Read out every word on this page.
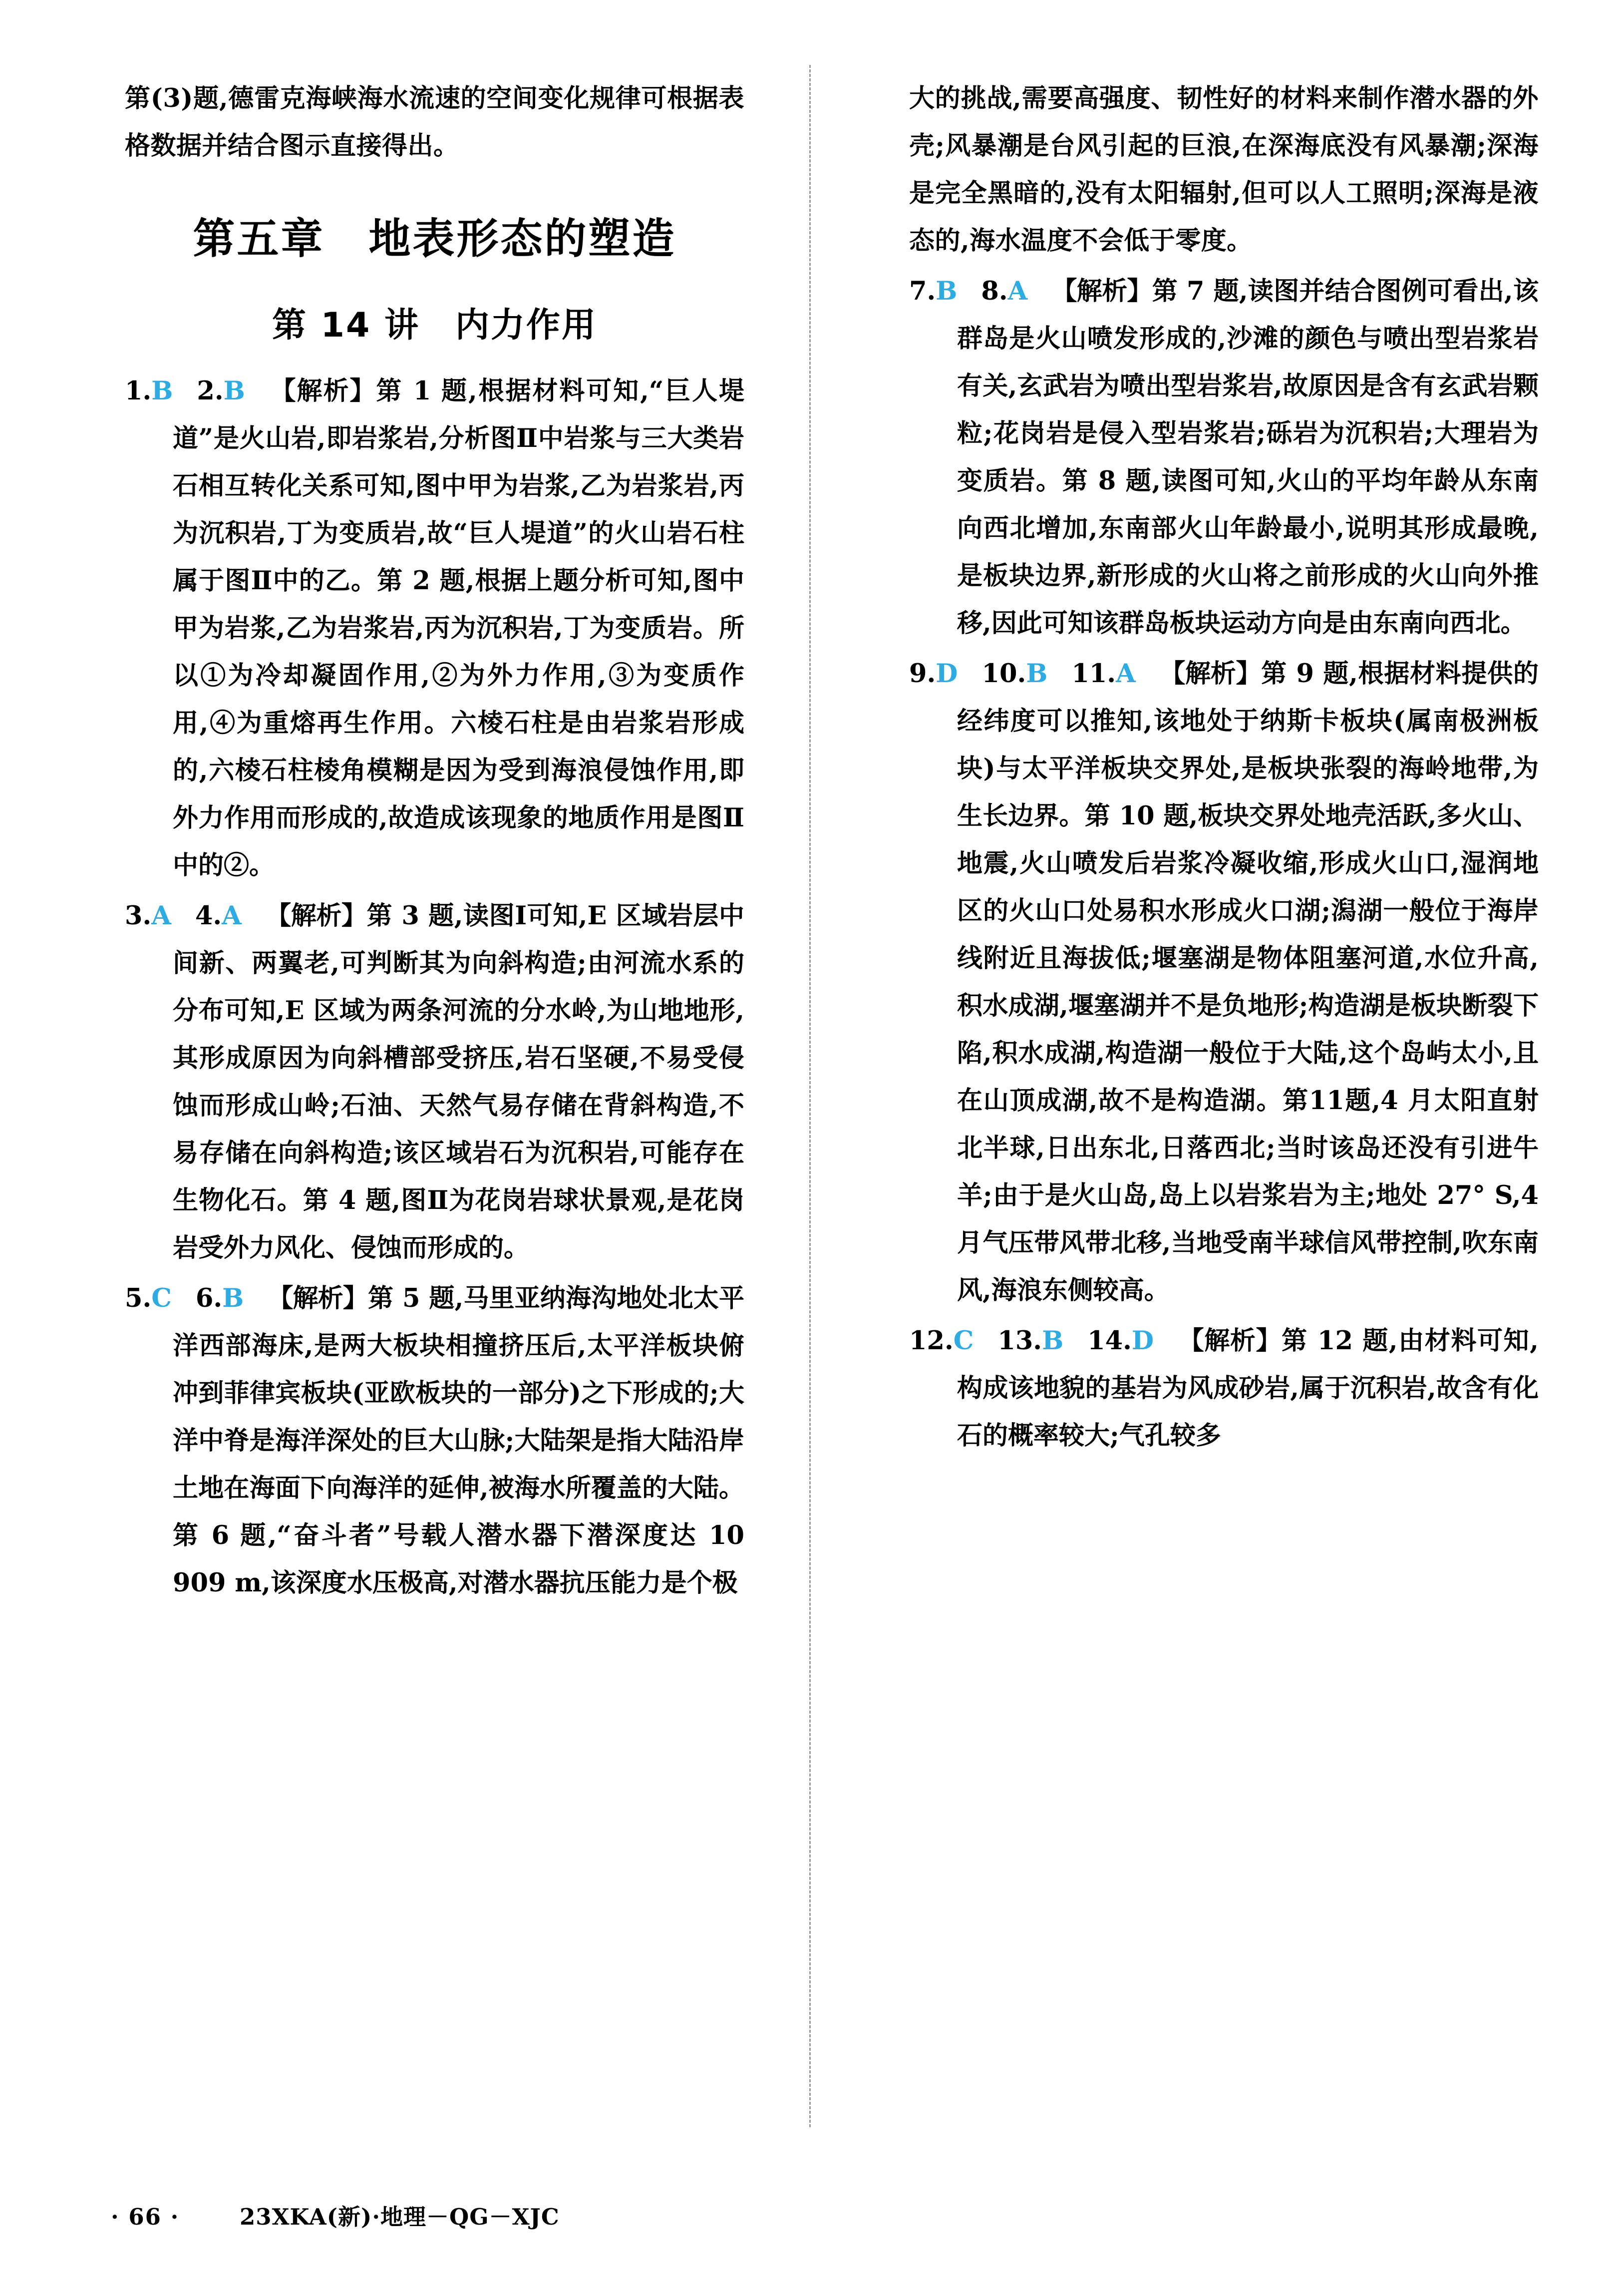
第(3)题,德雷克海峡海水流速的空间变化规律可根据表格数据并结合图示直接得出。

第五章　地表形态的塑造
第 14 讲　内力作用

1.B 2.B 【解析】第 1 题,根据材料可知,“巨人堤道”是火山岩,即岩浆岩,分析图Ⅱ中岩浆与三大类岩石相互转化关系可知,图中甲为岩浆,乙为岩浆岩,丙为沉积岩,丁为变质岩,故“巨人堤道”的火山岩石柱属于图Ⅱ中的乙。第 2 题,根据上题分析可知,图中甲为岩浆,乙为岩浆岩,丙为沉积岩,丁为变质岩。所以①为冷却凝固作用,②为外力作用,③为变质作用,④为重熔再生作用。六棱石柱是由岩浆岩形成的,六棱石柱棱角模糊是因为受到海浪侵蚀作用,即外力作用而形成的,故造成该现象的地质作用是图Ⅱ中的②。

3.A 4.A 【解析】第 3 题,读图Ⅰ可知,E 区域岩层中间新、两翼老,可判断其为向斜构造;由河流水系的分布可知,E 区域为两条河流的分水岭,为山地地形,其形成原因为向斜槽部受挤压,岩石坚硬,不易受侵蚀而形成山岭;石油、天然气易存储在背斜构造,不易存储在向斜构造;该区域岩石为沉积岩,可能存在生物化石。第 4 题,图Ⅱ为花岗岩球状景观,是花岗岩受外力风化、侵蚀而形成的。

5.C 6.B 【解析】第 5 题,马里亚纳海沟地处北太平洋西部海床,是两大板块相撞挤压后,太平洋板块俯冲到菲律宾板块(亚欧板块的一部分)之下形成的;大洋中脊是海洋深处的巨大山脉;大陆架是指大陆沿岸土地在海面下向海洋的延伸,被海水所覆盖的大陆。第 6 题,“奋斗者”号载人潜水器下潜深度达 10 909 m,该深度水压极高,对潜水器抗压能力是个极

大的挑战,需要高强度、韧性好的材料来制作潜水器的外壳;风暴潮是台风引起的巨浪,在深海底没有风暴潮;深海是完全黑暗的,没有太阳辐射,但可以人工照明;深海是液态的,海水温度不会低于零度。

7.B 8.A 【解析】第 7 题,读图并结合图例可看出,该群岛是火山喷发形成的,沙滩的颜色与喷出型岩浆岩有关,玄武岩为喷出型岩浆岩,故原因是含有玄武岩颗粒;花岗岩是侵入型岩浆岩;砾岩为沉积岩;大理岩为变质岩。第 8 题,读图可知,火山的平均年龄从东南向西北增加,东南部火山年龄最小,说明其形成最晚,是板块边界,新形成的火山将之前形成的火山向外推移,因此可知该群岛板块运动方向是由东南向西北。

9.D 10.B 11.A 【解析】第 9 题,根据材料提供的经纬度可以推知,该地处于纳斯卡板块(属南极洲板块)与太平洋板块交界处,是板块张裂的海岭地带,为生长边界。第 10 题,板块交界处地壳活跃,多火山、地震,火山喷发后岩浆冷凝收缩,形成火山口,湿润地区的火山口处易积水形成火口湖;潟湖一般位于海岸线附近且海拔低;堰塞湖是物体阻塞河道,水位升高,积水成湖,堰塞湖并不是负地形;构造湖是板块断裂下陷,积水成湖,构造湖一般位于大陆,这个岛屿太小,且在山顶成湖,故不是构造湖。第11题,4 月太阳直射北半球,日出东北,日落西北;当时该岛还没有引进牛羊;由于是火山岛,岛上以岩浆岩为主;地处 27° S,4 月气压带风带北移,当地受南半球信风带控制,吹东南风,海浪东侧较高。

12.C 13.B 14.D 【解析】第 12 题,由材料可知,构成该地貌的基岩为风成砂岩,属于沉积岩,故含有化石的概率较大;气孔较多

· 66 ·	23XKA(新)·地理－QG－XJC
